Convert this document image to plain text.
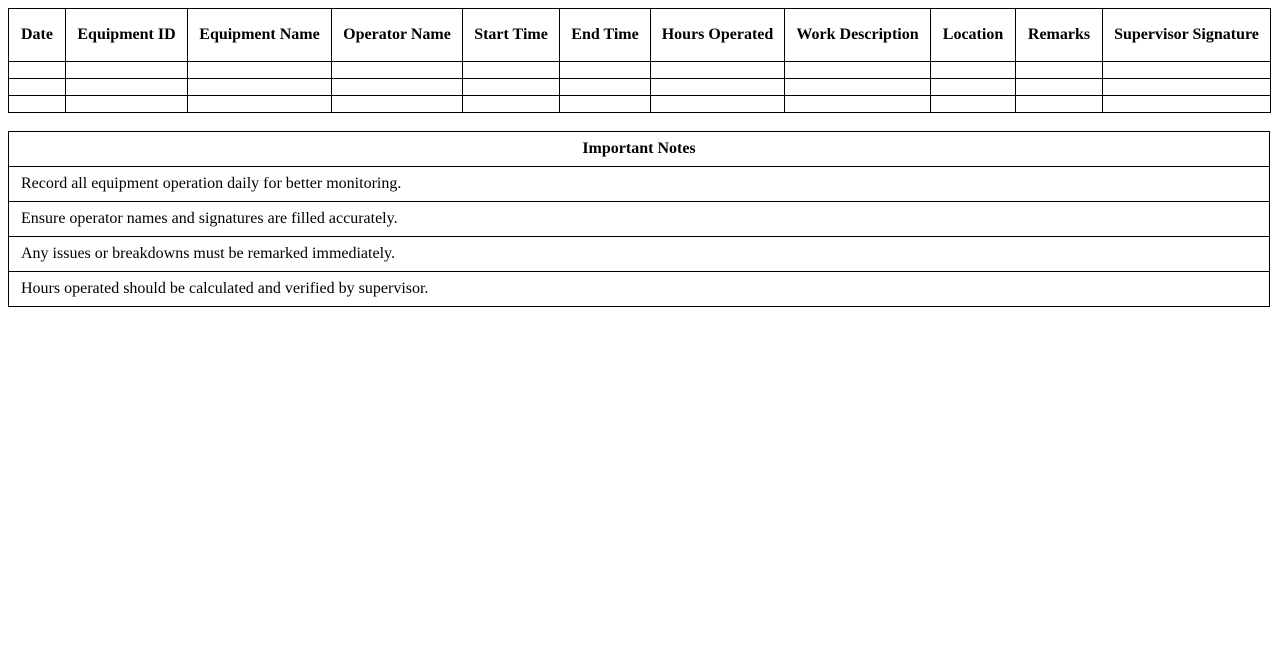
Date	Equipment ID	Equipment Name	Operator Name	Start Time	End Time	Hours Operated	Work Description	Location	Remarks	Supervisor Signature

Important Notes
Record all equipment operation daily for better monitoring.
Ensure operator names and signatures are filled accurately.
Any issues or breakdowns must be remarked immediately.
Hours operated should be calculated and verified by supervisor.
